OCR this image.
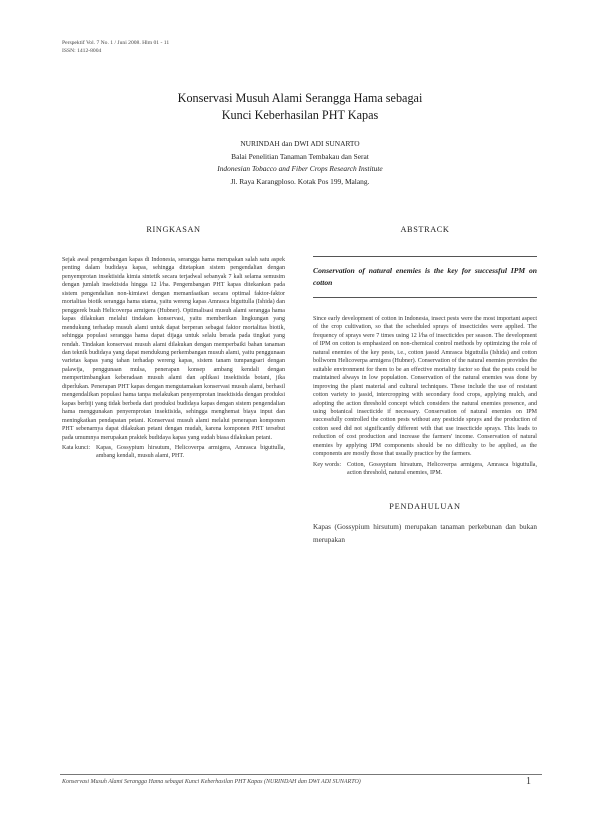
Perspektif Vol. 7 No. 1 / Juni 2008. Hlm 01 - 11
ISSN: 1412-8004
Konservasi Musuh Alami Serangga Hama sebagai
Kunci Keberhasilan PHT Kapas
NURINDAH dan DWI ADI SUNARTO
Balai Penelitian Tanaman Tembakau dan Serat
Indonesian Tobacco and Fiber Crops Research Institute
Jl. Raya Karangploso. Kotak Pos 199, Malang.
RINGKASAN
Sejak awal pengembangan kapas di Indonesia, serangga hama merupakan salah satu aspek penting dalam budidaya kapas, sehingga ditetapkan sistem pengendalian dengan penyemprotan insektisida kimia sintetik secara terjadwal sebanyak 7 kali selama semusim dengan jumlah insektisida hingga 12 l/ha. Pengembangan PHT kapas ditekankan pada sistem pengendalian non-kimiawi dengan memanfaatkan secara optimal faktor-faktor mortalitas biotik serangga hama utama, yaitu wereng kapas Amrasca biguttulla (Ishida) dan penggerek buah Helicoverpa armigera (Hubner). Optimalisasi musuh alami serangga hama kapas dilakukan melalui tindakan konservasi, yaitu memberikan lingkungan yang mendukung terhadap musuh alami untuk dapat berperan sebagai faktor mortalitas biotik, sehingga populasi serangga hama dapat dijaga untuk selalu berada pada tingkat yang rendah. Tindakan konservasi musuh alami dilakukan dengan memperbaiki bahan tanaman dan teknik budidaya yang dapat mendukung perkembangan musuh alami, yaitu penggunaan varietas kapas yang tahan terhadap wereng kapas, sistem tanam tumpangsari dengan palawija, penggunaan mulsa, penerapan konsep ambang kendali dengan mempertimbangkan keberadaan musuh alami dan aplikasi insektisida botani, jika diperlukan. Penerapan PHT kapas dengan mengutamakan konservasi musuh alami, berhasil mengendalikan populasi hama tanpa melakukan penyemprotan insektisida dengan produksi kapas berbiji yang tidak berbeda dari produksi budidaya kapas dengan sistem pengendalian hama menggunakan penyemprotan insektisida, sehingga menghemat biaya input dan meningkatkan pendapatan petani. Konservasi musuh alami melalui penerapan komponen PHT sebenarnya dapat dilakukan petani dengan mudah, karena komponen PHT tersebut pada umumnya merupakan praktek budidaya kapas yang sudah biasa dilakukan petani.
Kata kunci: Kapas, Gossypium hirsutum, Helicoverpa armigera, Amrasca biguttulla, ambang kendali, musuh alami, PHT.
ABSTRACK
Conservation of natural enemies is the key for successful IPM on cotton
Since early development of cotton in Indonesia, insect pests were the most important aspect of the crop cultivation, so that the scheduled sprays of insecticides were applied. The frequency of sprays were 7 times using 12 l/ha of insecticides per season. The development of IPM on cotton is emphasized on non-chemical control methods by optimizing the role of natural enemies of the key pests, i.e., cotton jassid Amrasca biguttulla (Ishida) and cotton bollworm Helicoverpa armigera (Hubner). Conservation of the natural enemies provides the suitable environment for them to be an effective mortality factor so that the pests could be maintained always in low population. Conservation of the natural enemies was done by improving the plant material and cultural techniques. These include the use of resistant cotton variety to jassid, intercropping with secondary food crops, applying mulch, and adopting the action threshold concept which considers the natural enemies presence, and using botanical insecticide if necessary. Conservation of natural enemies on IPM successfully controlled the cotton pests without any pesticide sprays and the production of cotton seed did not significantly different with that use insecticide sprays. This leads to reduction of cost production and increase the farmers' income. Conservation of natural enemies by applying IPM components should be no difficulty to be applied, as the components are mostly those that usually practice by the farmers.
Key words: Cotton, Gossypium hirsutum, Helicoverpa armigera, Amrasca biguttulla, action threshold, natural enemies, IPM.
PENDAHULUAN
Kapas (Gossypium hirsutum) merupakan tanaman perkebunan dan bukan merupakan
Konservasi Musuh Alami Serangga Hama sebagai Kunci Keberhasilan PHT Kapas (NURINDAH dan DWI ADI SUNARTO)	1
